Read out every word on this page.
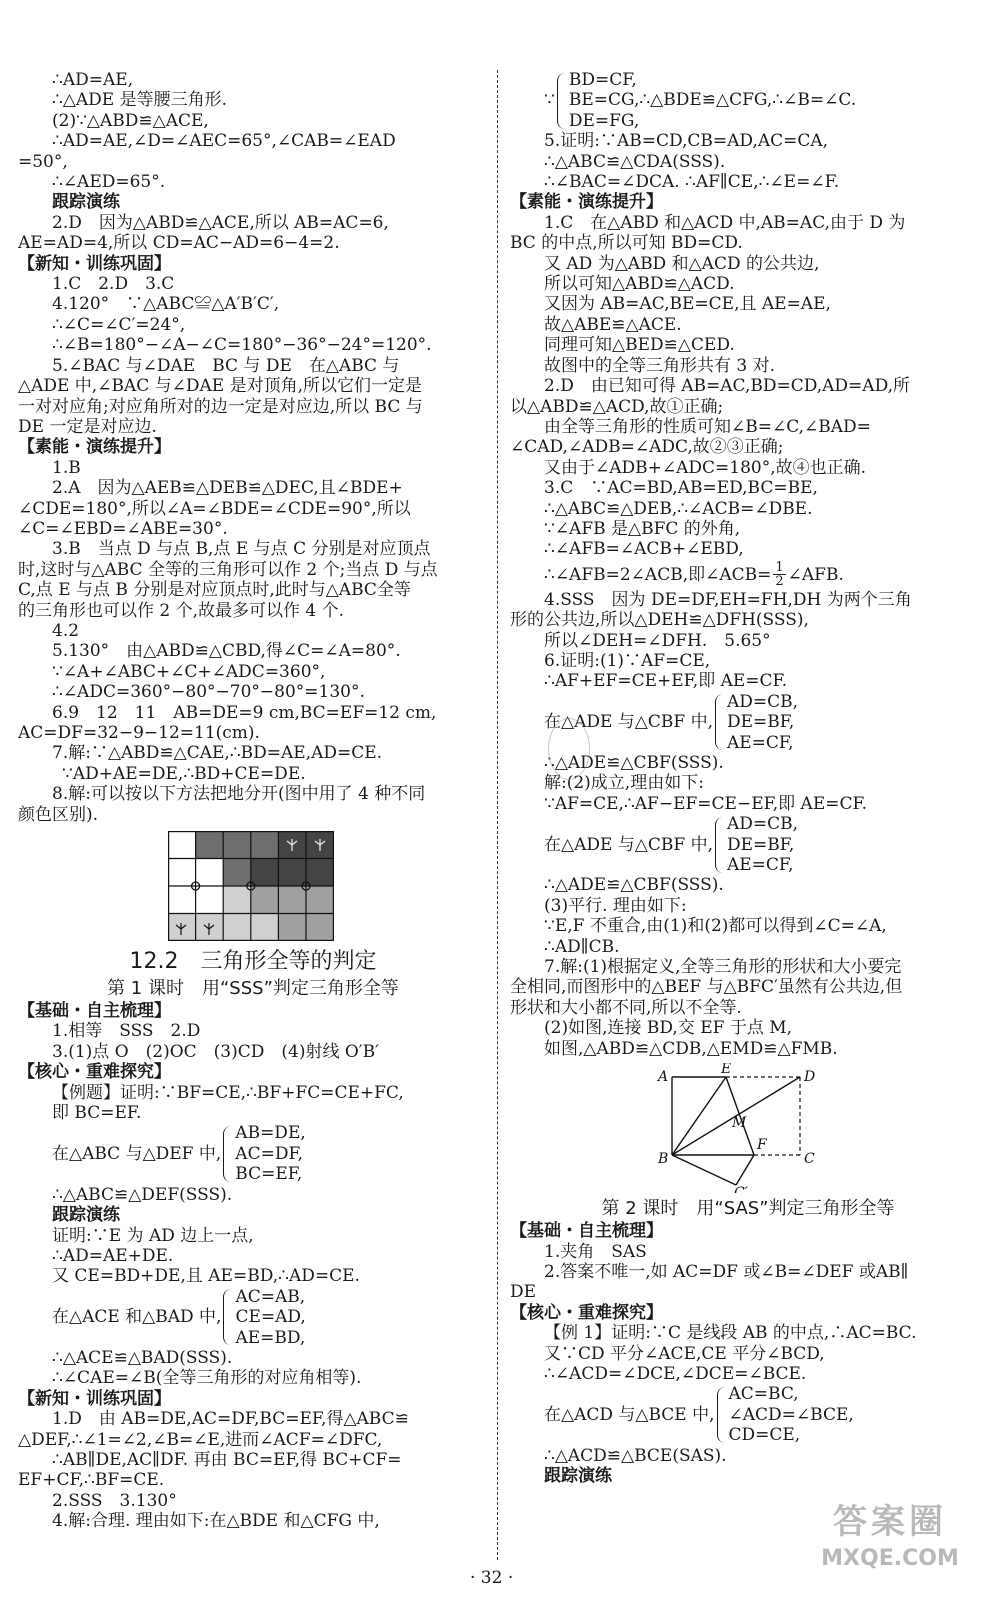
∴AD=AE,
∴△ADE 是等腰三角形.
(2)∵△ABD≌△ACE,
∴AD=AE,∠D=∠AEC=65°,∠CAB=∠EAD
=50°,
∴∠AED=65°.
跟踪演练
2.D　因为△ABD≌△ACE,所以 AB=AC=6,
AE=AD=4,所以 CD=AC−AD=6−4=2.
【新知・训练巩固】
1.C　2.D　3.C
4.120°　∵△ABC≌△A′B′C′,
∴∠C=∠C′=24°,
∴∠B=180°−∠A−∠C=180°−36°−24°=120°.
5.∠BAC 与∠DAE　BC 与 DE　在△ABC 与
△ADE 中,∠BAC 与∠DAE 是对顶角,所以它们一定是
一对对应角;对应角所对的边一定是对应边,所以 BC 与
DE 一定是对应边.
【素能・演练提升】
1.B
2.A　因为△AEB≌△DEB≌△DEC,且∠BDE+
∠CDE=180°,所以∠A=∠BDE=∠CDE=90°,所以
∠C=∠EBD=∠ABE=30°.
3.B　当点 D 与点 B,点 E 与点 C 分别是对应顶点
时,这时与△ABC 全等的三角形可以作 2 个;当点 D 与点
C,点 E 与点 B 分别是对应顶点时,此时与△ABC全等
的三角形也可以作 2 个,故最多可以作 4 个.
4.2
5.130°　由△ABD≌△CBD,得∠C=∠A=80°.
∵∠A+∠ABC+∠C+∠ADC=360°,
∴∠ADC=360°−80°−70°−80°=130°.
6.9　12　11　AB=DE=9 cm,BC=EF=12 cm,
AC=DF=32−9−12=11(cm).
7.解:∵△ABD≌△CAE,∴BD=AE,AD=CE.
∵AD+AE=DE,∴BD+CE=DE.
8.解:可以按以下方法把地分开(图中用了 4 种不同
颜色区别).
12.2　三角形全等的判定
第 1 课时　用“SSS”判定三角形全等
【基础・自主梳理】
1.相等　SSS　2.D
3.(1)点 O　(2)OC　(3)CD　(4)射线 O′B′
【核心・重难探究】
【例题】证明:∵BF=CE,∴BF+FC=CE+FC,
即 BC=EF.
在△ABC 与△DEF 中,
AB=DE,
AC=DF,
BC=EF,
∴△ABC≌△DEF(SSS).
跟踪演练
证明:∵E 为 AD 边上一点,
∴AD=AE+DE.
又 CE=BD+DE,且 AE=BD,∴AD=CE.
在△ACE 和△BAD 中,
AC=AB,
CE=AD,
AE=BD,
∴△ACE≌△BAD(SSS).
∴∠CAE=∠B(全等三角形的对应角相等).
【新知・训练巩固】
1.D　由 AB=DE,AC=DF,BC=EF,得△ABC≌
△DEF,∴∠1=∠2,∠B=∠E,进而∠ACF=∠DFC,
∴AB∥DE,AC∥DF. 再由 BC=EF,得 BC+CF=
EF+CF,∴BF=CE.
2.SSS　3.130°
4.解:合理. 理由如下:在△BDE 和△CFG 中,
∵
BD=CF,
BE=CG,∴△BDE≌△CFG,∴∠B=∠C.
DE=FG,
5.证明:∵AB=CD,CB=AD,AC=CA,
∴△ABC≌△CDA(SSS).
∴∠BAC=∠DCA. ∴AF∥CE,∴∠E=∠F.
【素能・演练提升】
1.C　在△ABD 和△ACD 中,AB=AC,由于 D 为
BC 的中点,所以可知 BD=CD.
又 AD 为△ABD 和△ACD 的公共边,
所以可知△ABD≌△ACD.
又因为 AB=AC,BE=CE,且 AE=AE,
故△ABE≌△ACE.
同理可知△BED≌△CED.
故图中的全等三角形共有 3 对.
2.D　由已知可得 AB=AC,BD=CD,AD=AD,所
以△ABD≌△ACD,故①正确;
由全等三角形的性质可知∠B=∠C,∠BAD=
∠CAD,∠ADB=∠ADC,故②③正确;
又由于∠ADB+∠ADC=180°,故④也正确.
3.C　∵AC=BD,AB=ED,BC=BE,
∴△ABC≌△DEB,∴∠ACB=∠DBE.
∵∠AFB 是△BFC 的外角,
∴∠AFB=∠ACB+∠EBD,
∴∠AFB=2∠ACB,即∠ACB= $\frac{1}{2}$ ∠AFB.
4.SSS　因为 DE=DF,EH=FH,DH 为两个三角
形的公共边,所以△DEH≌△DFH(SSS),
所以∠DEH=∠DFH.　5.65°
6.证明:(1)∵AF=CE,
∴AF+EF=CE+EF,即 AE=CF.
在△ADE 与△CBF 中,
AD=CB,
DE=BF,
AE=CF,
∴△ADE≌△CBF(SSS).
解:(2)成立,理由如下:
∵AF=CE,∴AF−EF=CE−EF,即 AE=CF.
在△ADE 与△CBF 中,
AD=CB,
DE=BF,
AE=CF,
∴△ADE≌△CBF(SSS).
(3)平行. 理由如下:
∵E,F 不重合,由(1)和(2)都可以得到∠C=∠A,
∴AD∥CB.
7.解:(1)根据定义,全等三角形的形状和大小要完
全相同,而图形中的△BEF 与△BFC′虽然有公共边,但
形状和大小都不同,所以不全等.
(2)如图,连接 BD,交 EF 于点 M,
如图,△ABD≌△CDB,△EMD≌△FMB.
A	E	D
M
F
B	C
C′
第 2 课时　用“SAS”判定三角形全等
【基础・自主梳理】
1.夹角　SAS
2.答案不唯一,如 AC=DF 或∠B=∠DEF 或AB∥
DE
【核心・重难探究】
【例 1】证明:∵C 是线段 AB 的中点,∴AC=BC.
又∵CD 平分∠ACE,CE 平分∠BCD,
∴∠ACD=∠DCE,∠DCE=∠BCE.
在△ACD 与△BCE 中,
AC=BC,
∠ACD=∠BCE,
CD=CE,
∴△ACD≌△BCE(SAS).
跟踪演练
· 32 ·
答案圈
MXQE.COM
